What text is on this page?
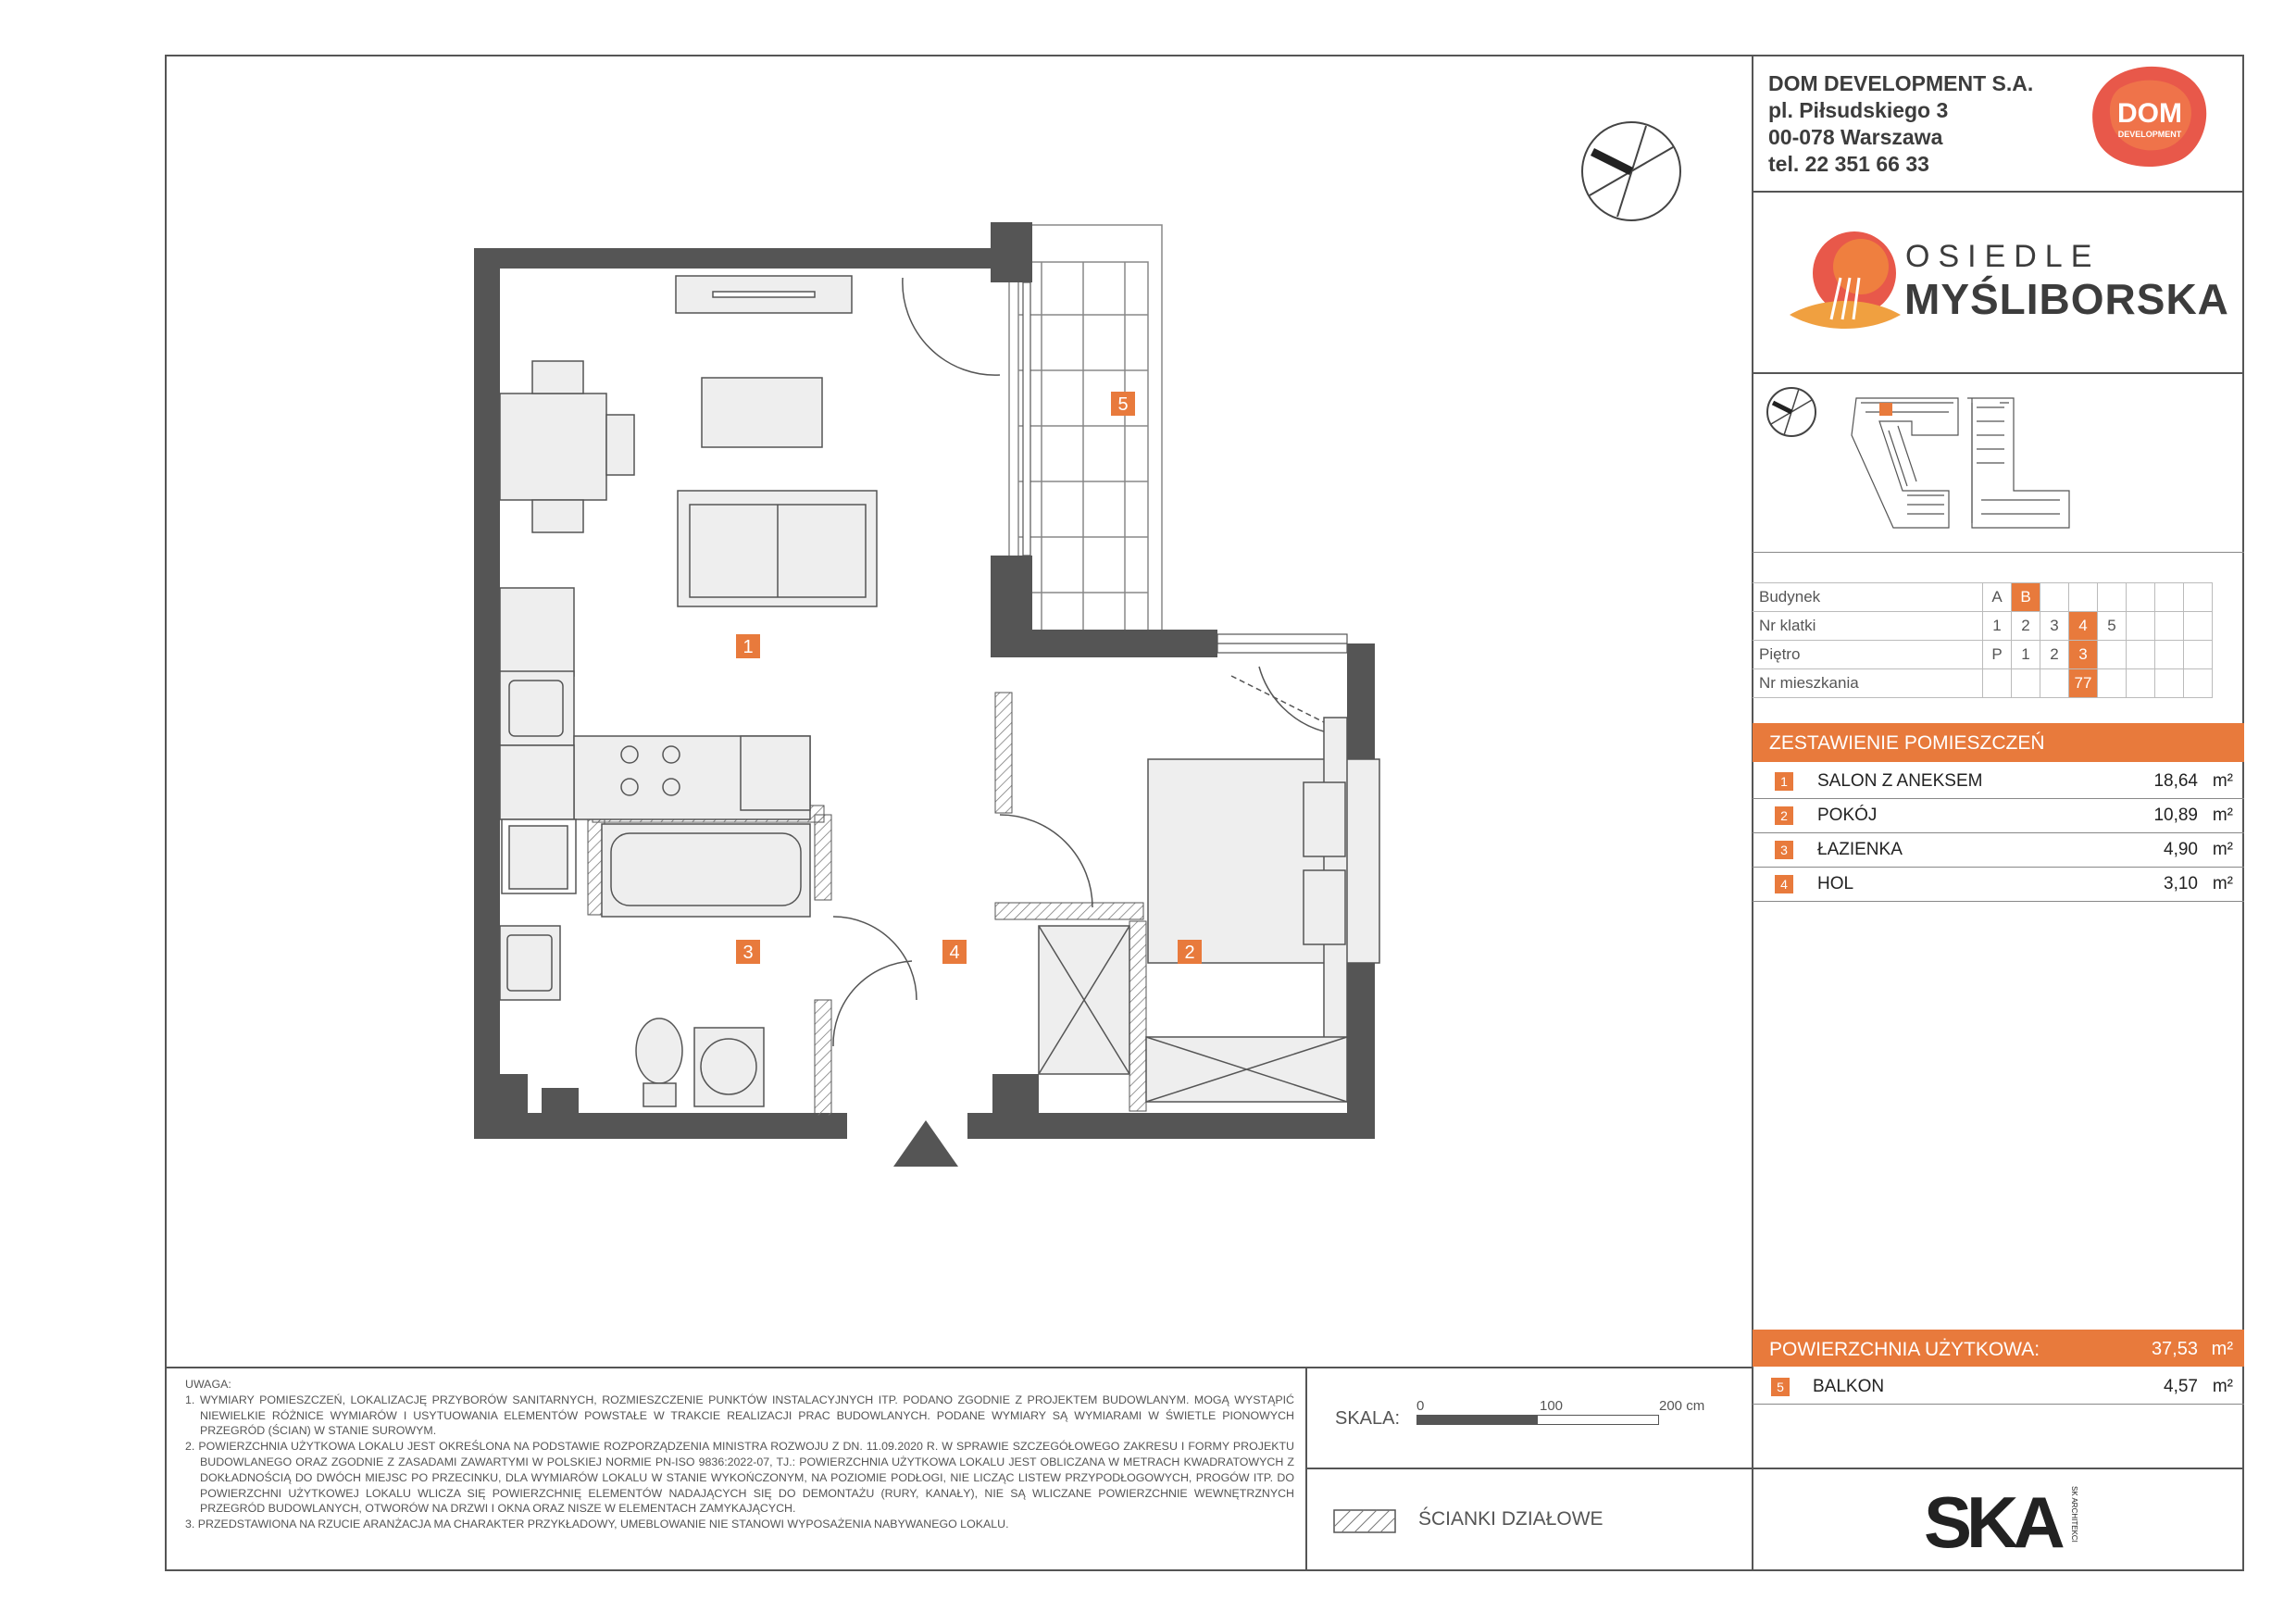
DOM DEVELOPMENT S.A.
pl. Piłsudskiego 3
00-078 Warszawa
tel. 22 351 66 33
DOM
DEVELOPMENT
OSIEDLE
MYŚLIBORSKA
Budynek	A	B						
Nr klatki	1	2	3	4	5			
Piętro	P	1	2	3				
Nr mieszkania				77				
ZESTAWIENIE POMIESZCZEŃ
1	SALON Z ANEKSEM	18,64 m²
2	POKÓJ	10,89 m²
3	ŁAZIENKA	4,90 m²
4	HOL	3,10 m²
POWIERZCHNIA UŻYTKOWA:	37,53 m²
5	BALKON	4,57 m²

UWAGA:

1. WYMIARY POMIESZCZEŃ, LOKALIZACJĘ PRZYBORÓW SANITARNYCH, ROZMIESZCZENIE PUNKTÓW INSTALACYJNYCH ITP. PODANO ZGODNIE Z PROJEKTEM BUDOWLANYM. MOGĄ WYSTĄPIĆ NIEWIELKIE RÓŻNICE WYMIARÓW I USYTUOWANIA ELEMENTÓW POWSTAŁE W TRAKCIE REALIZACJI PRAC BUDOWLANYCH. PODANE WYMIARY SĄ WYMIARAMI W ŚWIETLE PIONOWYCH PRZEGRÓD (ŚCIAN) W STANIE SUROWYM.

2. POWIERZCHNIA UŻYTKOWA LOKALU JEST OKREŚLONA NA PODSTAWIE ROZPORZĄDZENIA MINISTRA ROZWOJU Z DN. 11.09.2020 R. W SPRAWIE SZCZEGÓŁOWEGO ZAKRESU I FORMY PROJEKTU BUDOWLANEGO ORAZ ZGODNIE Z ZASADAMI ZAWARTYMI W POLSKIEJ NORMIE PN-ISO 9836:2022-07, TJ.: POWIERZCHNIA UŻYTKOWA LOKALU JEST OBLICZANA W METRACH KWADRATOWYCH Z DOKŁADNOŚCIĄ DO DWÓCH MIEJSC PO PRZECINKU, DLA WYMIARÓW LOKALU W STANIE WYKOŃCZONYM, NA POZIOMIE PODŁOGI, NIE LICZĄC LISTEW PRZYPODŁOGOWYCH, PROGÓW ITP. DO POWIERZCHNI UŻYTKOWEJ LOKALU WLICZA SIĘ POWIERZCHNIĘ ELEMENTÓW NADAJĄCYCH SIĘ DO DEMONTAŻU (RURY, KANAŁY), NIE SĄ WLICZANE POWIERZCHNIE WEWNĘTRZNYCH PRZEGRÓD BUDOWLANYCH, OTWORÓW NA DRZWI I OKNA ORAZ NISZE W ELEMENTACH ZAMYKAJĄCYCH.

3. PRZEDSTAWIONA NA RZUCIE ARANŻACJA MA CHARAKTER PRZYKŁADOWY, UMEBLOWANIE NIE STANOWI WYPOSAŻENIA NABYWANEGO LOKALU.

SKALA:
0	100	200 cm
ŚCIANKI DZIAŁOWE	SKA	SK ARCHITEKCI
1
2
3	4
5
